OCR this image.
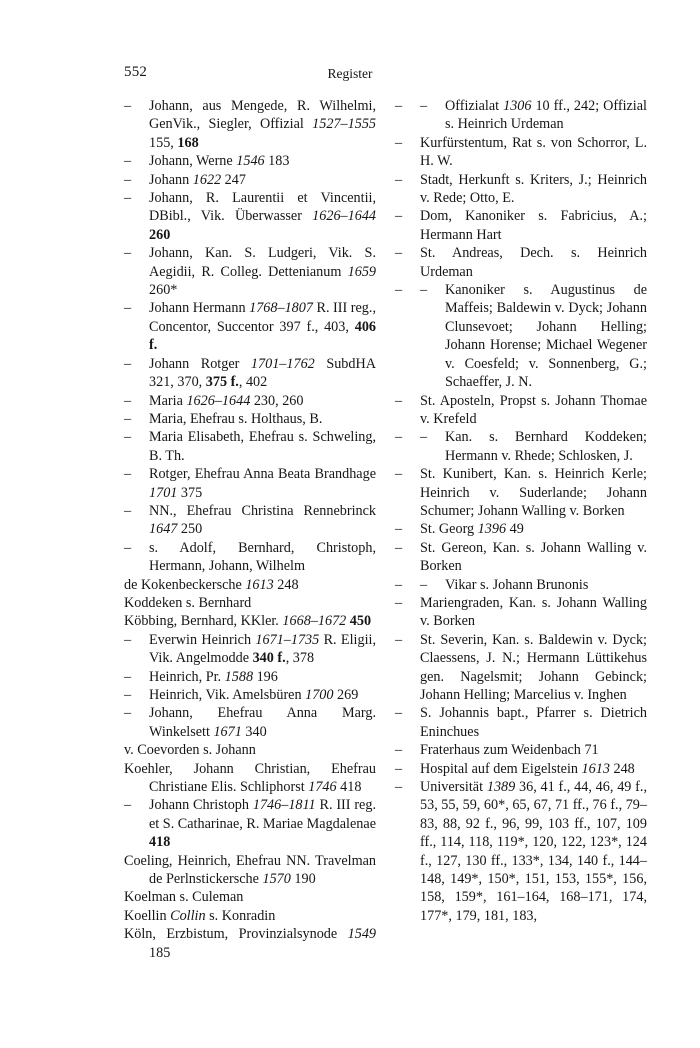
552	Register

– Johann, aus Mengede, R. Wilhelmi, GenVik., Siegler, Offizial 1527–1555 155, 168

– Johann, Werne 1546 183

– Johann 1622 247

– Johann, R. Laurentii et Vincentii, DBibl., Vik. Überwasser 1626–1644 260

– Johann, Kan. S. Ludgeri, Vik. S. Aegidii, R. Colleg. Dettenianum 1659 260*

– Johann Hermann 1768–1807 R. III reg., Concentor, Succentor 397 f., 403, 406 f.

– Johann Rotger 1701–1762 SubdHA 321, 370, 375 f., 402

– Maria 1626–1644 230, 260

– Maria, Ehefrau s. Holthaus, B.

– Maria Elisabeth, Ehefrau s. Schweling, B. Th.

– Rotger, Ehefrau Anna Beata Brandhage 1701 375

– NN., Ehefrau Christina Rennebrinck 1647 250

– s. Adolf, Bernhard, Christoph, Hermann, Johann, Wilhelm

de Kokenbeckersche 1613 248

Koddeken s. Bernhard

Köbbing, Bernhard, KKler. 1668–1672 450

– Everwin Heinrich 1671–1735 R. Eligii, Vik. Angelmodde 340 f., 378

– Heinrich, Pr. 1588 196

– Heinrich, Vik. Amelsbüren 1700 269

– Johann, Ehefrau Anna Marg. Winkelsett 1671 340

v. Coevorden s. Johann

Koehler, Johann Christian, Ehefrau Christiane Elis. Schliphorst 1746 418

– Johann Christoph 1746–1811 R. III reg. et S. Catharinae, R. Mariae Magdalenae 418

Coeling, Heinrich, Ehefrau NN. Travelman de Perlnstickersche 1570 190

Koelman s. Culeman

Koellin Collin s. Konradin

Köln, Erzbistum, Provinzialsynode 1549 185

– – Offizialat 1306 10 ff., 242; Offizial s. Heinrich Urdeman

– Kurfürstentum, Rat s. von Schorror, L. H. W.

– Stadt, Herkunft s. Kriters, J.; Heinrich v. Rede; Otto, E.

– Dom, Kanoniker s. Fabricius, A.; Hermann Hart

– St. Andreas, Dech. s. Heinrich Urdeman

– – Kanoniker s. Augustinus de Maffeis; Baldewin v. Dyck; Johann Clunsevoet; Johann Helling; Johann Horense; Michael Wegener v. Coesfeld; v. Sonnenberg, G.; Schaeffer, J. N.

– St. Aposteln, Propst s. Johann Thomae v. Krefeld

– – Kan. s. Bernhard Koddeken; Hermann v. Rhede; Schlosken, J.

– St. Kunibert, Kan. s. Heinrich Kerle; Heinrich v. Suderlande; Johann Schumer; Johann Walling v. Borken

– St. Georg 1396 49

– St. Gereon, Kan. s. Johann Walling v. Borken

– – Vikar s. Johann Brunonis

– Mariengraden, Kan. s. Johann Walling v. Borken

– St. Severin, Kan. s. Baldewin v. Dyck; Claessens, J. N.; Hermann Lüttikehus gen. Nagelsmit; Johann Gebinck; Johann Helling; Marcelius v. Inghen

– S. Johannis bapt., Pfarrer s. Dietrich Eninchues

– Fraterhaus zum Weidenbach 71

– Hospital auf dem Eigelstein 1613 248

– Universität 1389 36, 41 f., 44, 46, 49 f., 53, 55, 59, 60*, 65, 67, 71 ff., 76 f., 79–83, 88, 92 f., 96, 99, 103 ff., 107, 109 ff., 114, 118, 119*, 120, 122, 123*, 124 f., 127, 130 ff., 133*, 134, 140 f., 144–148, 149*, 150*, 151, 153, 155*, 156, 158, 159*, 161–164, 168–171, 174, 177*, 179, 181, 183,
